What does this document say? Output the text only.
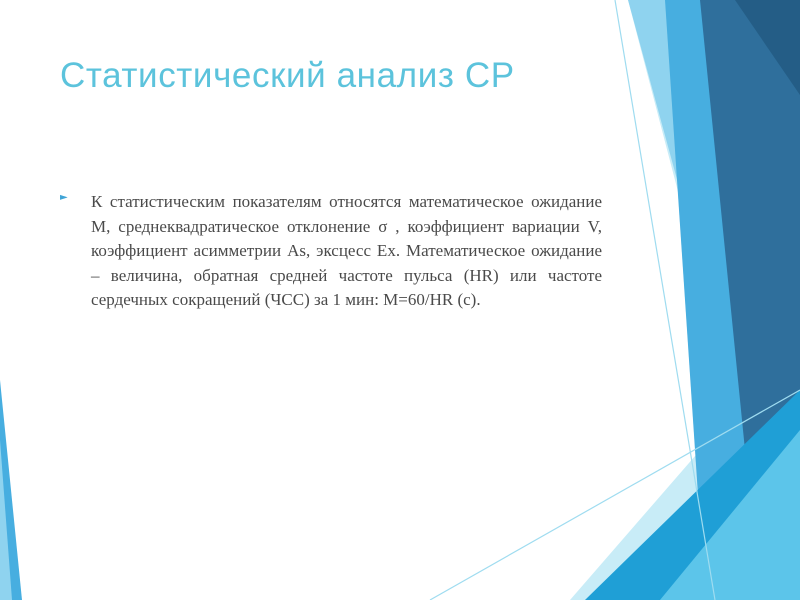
Статистический анализ СР
► К статистическим показателям относятся математическое ожидание М, среднеквадратическое отклонение σ , коэффициент вариации V, коэффициент асимметрии As, эксцесс Ex. Математическое ожидание – величина, обратная средней частоте пульса (HR) или частоте сердечных сокращений (ЧСС) за 1 мин: М=60/HR (с).
